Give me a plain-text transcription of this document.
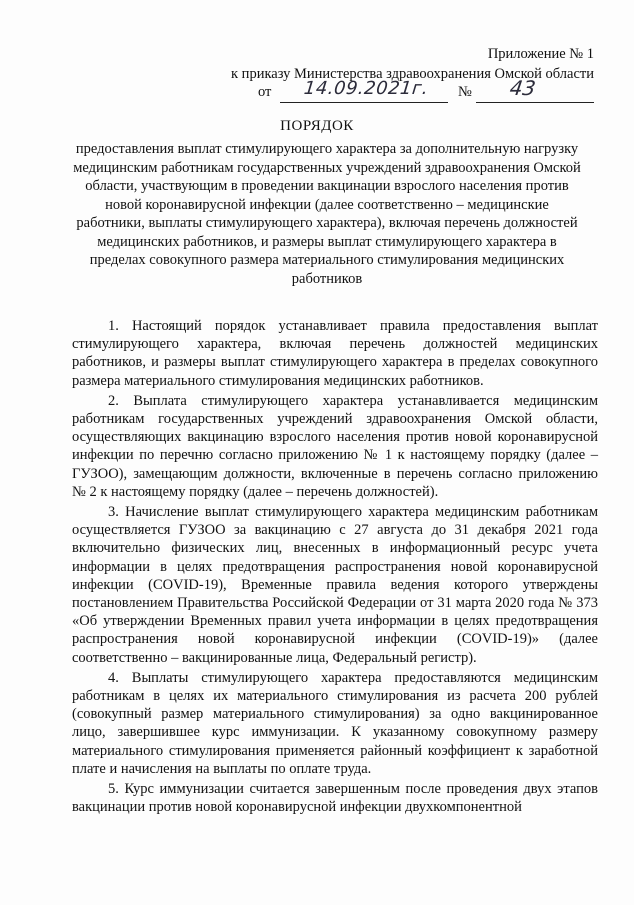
Приложение № 1
к приказу Министерства здравоохранения Омской области
от 14.09.2021г. № 43
ПОРЯДОК
предоставления выплат стимулирующего характера за дополнительную нагрузку медицинским работникам государственных учреждений здравоохранения Омской области, участвующим в проведении вакцинации взрослого населения против новой коронавирусной инфекции (далее соответственно – медицинские работники, выплаты стимулирующего характера), включая перечень должностей медицинских работников, и размеры выплат стимулирующего характера в пределах совокупного размера материального стимулирования медицинских работников

1. Настоящий порядок устанавливает правила предоставления выплат стимулирующего характера, включая перечень должностей медицинских работников, и размеры выплат стимулирующего характера в пределах совокупного размера материального стимулирования медицинских работников.

2. Выплата стимулирующего характера устанавливается медицинским работникам государственных учреждений здравоохранения Омской области, осуществляющих вакцинацию взрослого населения против новой коронавирусной инфекции по перечню согласно приложению № 1 к настоящему порядку (далее – ГУЗОО), замещающим должности, включенные в перечень согласно приложению № 2 к настоящему порядку (далее – перечень должностей).

3. Начисление выплат стимулирующего характера медицинским работникам осуществляется ГУЗОО за вакцинацию с 27 августа до 31 декабря 2021 года включительно физических лиц, внесенных в информационный ресурс учета информации в целях предотвращения распространения новой коронавирусной инфекции (COVID-19), Временные правила ведения которого утверждены постановлением Правительства Российской Федерации от 31 марта 2020 года № 373 «Об утверждении Временных правил учета информации в целях предотвращения распространения новой коронавирусной инфекции (COVID-19)» (далее соответственно – вакцинированные лица, Федеральный регистр).

4. Выплаты стимулирующего характера предоставляются медицинским работникам в целях их материального стимулирования из расчета 200 рублей (совокупный размер материального стимулирования) за одно вакцинированное лицо, завершившее курс иммунизации. К указанному совокупному размеру материального стимулирования применяется районный коэффициент к заработной плате и начисления на выплаты по оплате труда.

5. Курс иммунизации считается завершенным после проведения двух этапов вакцинации против новой коронавирусной инфекции двухкомпонентной
